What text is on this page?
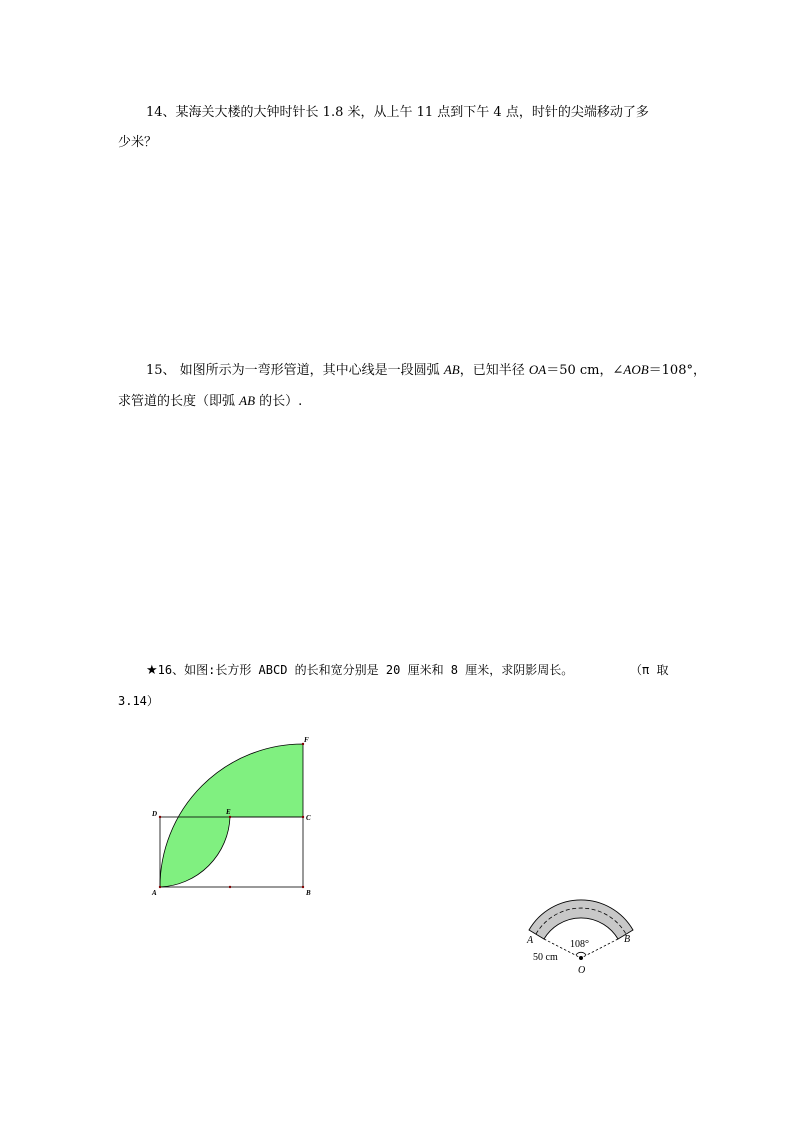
14、某海关大楼的大钟时针长 1.8 米，从上午 11 点到下午 4 点，时针的尖端移动了多
少米？
15、 如图所示为一弯形管道，其中心线是一段圆弧 AB，已知半径 OA＝50 cm，∠AOB＝108°，
求管道的长度（即弧 AB 的长）.
★16、如图:长方形 ABCD 的长和宽分别是 20 厘米和 8 厘米，求阴影周长。	（π 取
3.14）
A	B
C
D	E
F
A	B
O
108°
50 cm
